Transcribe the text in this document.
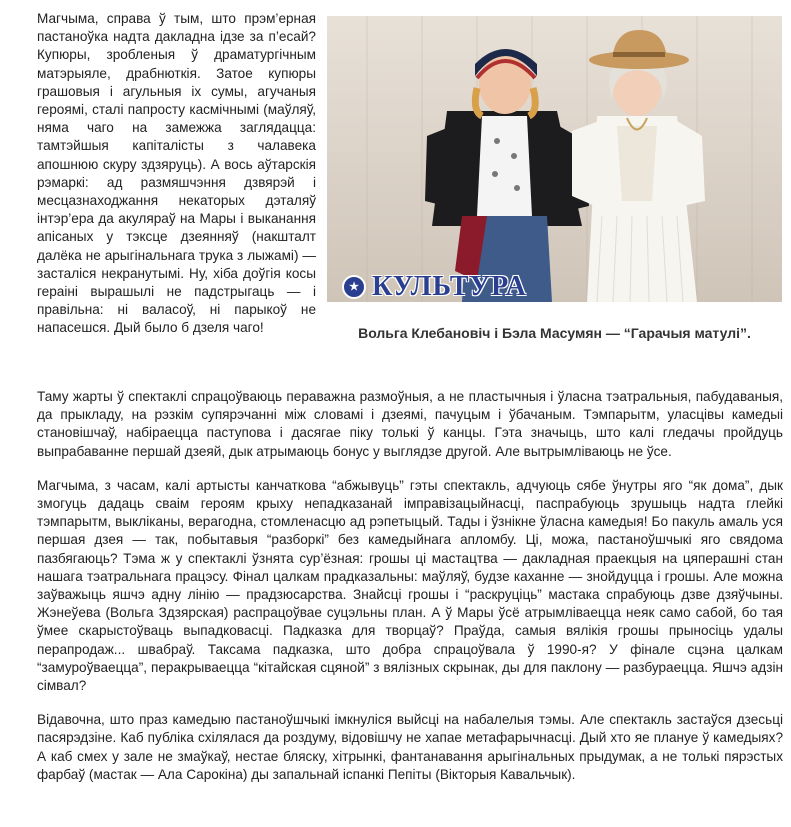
Магчыма, справа ў тым, што прэм’ерная пастаноўка надта дакладна ідзе за п’есай? Купюры, зробленыя ў драматургічным матэрыяле, драбнюткія. Затое купюры грашовыя і агульныя іх сумы, агучаныя героямі, сталі папросту касмічнымі (маўляў, няма чаго на замежжа заглядацца: тамтэйшыя капіталісты з чалавека апошнюю скуру здзяруць). А вось аўтарскія рэмаркі: ад размяшчэння дзвярэй і месцазнаходжання некаторых дэталяў інтэр’ера да акуляраў на Мары і выканання апісаных у тэксце дзеянняў (накшталт далёка не арыгінальнага трука з лыжамі) — засталіся некранутымі. Ну, хіба доўгія косы гераіні вырашылі не падстрыгаць — і правільна: ні валасоў, ні парыкоў не напасешся. Дый было б дзеля чаго!
★ КУЛЬТУРА
Вольга Клебановіч і Бэла Масумян — “Гарачыя матулі”.

Таму жарты ў спектаклі спрацоўваюць пераважна размоўныя, а не пластычныя і ўласна тэатральныя, пабудаваныя, да прыкладу, на рэзкім супярэчанні між словамі і дзеямі, пачуцым і ўбачаным. Тэмпарытм, уласцівы камедыі становішчаў, набіраецца паступова і дасягае піку толькі ў канцы. Гэта значыць, што калі гледачы пройдуць выпрабаванне першай дзеяй, дык атрымаюць бонус у выглядзе другой. Але вытрымліваюць не ўсе.

Магчыма, з часам, калі артысты канчаткова “абжывуць” гэты спектакль, адчуюць сябе ўнутры яго “як дома”, дык змогуць дадаць сваім героям крыху непадказанай імправізацыйнасці, паспрабуюць зрушыць надта глейкі тэмпарытм, выкліканы, верагодна, стомленасцю ад рэпетыцый. Тады і ўзнікне ўласна камедыя! Бо пакуль амаль уся першая дзея — так, побытавыя “разборкі” без камедыйнага апломбу. Ці, можа, пастаноўшчыкі яго свядома пазбягаюць? Тэма ж у спектаклі ўзнята сур’ёзная: грошы ці мастацтва — дакладная праекцыя на цяперашні стан нашага тэатральнага працэсу. Фінал цалкам прадказальны: маўляў, будзе каханне — знойдуцца і грошы. Але можна заўважыць яшчэ адну лінію — прадзюсарства. Знайсці грошы і “раскруціць” мастака спрабуюць дзве дзяўчыны. Жэнеўева (Вольга Здзярская) распрацоўвае суцэльны план. А ў Мары ўсё атрымліваецца неяк само сабой, бо тая ўмее скарыстоўваць выпадковасці. Падказка для творцаў? Праўда, самыя вялікія грошы прыносіць удалы перапродаж... швабраў. Таксама падказка, што добра спрацоўвала ў 1990-я? У фінале сцэна цалкам “замуроўваецца”, перакрываецца “кітайская сцяной” з вялізных скрынак, ды для паклону — разбураецца. Яшчэ адзін сімвал?

Відавочна, што праз камедыю пастаноўшчыкі імкнуліся выйсці на набалелыя тэмы. Але спектакль застаўся дзесьці пасярэдзіне. Каб публіка схілялася да роздуму, відовішчу не хапае метафарычнасці. Дый хто яе плануе ў камедыях? А каб смех у зале не змаўкаў, нестае бляску, хітрынкі, фантанавання арыгінальных прыдумак, а не толькі пярэстых фарбаў (мастак — Ала Сарокіна) ды запальнай іспанкі Пепіты (Вікторыя Кавальчык).
